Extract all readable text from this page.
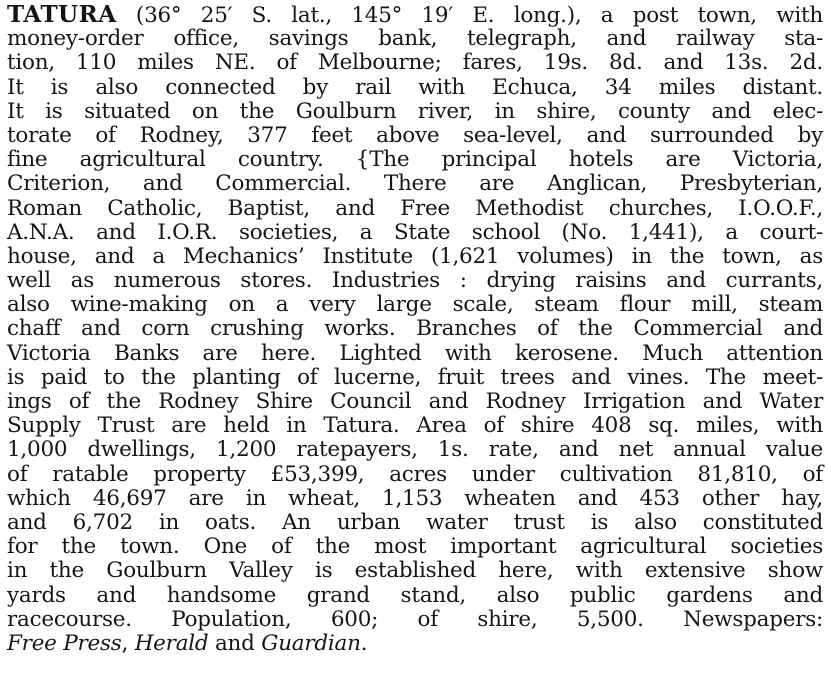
TATURA (36° 25′ S. lat., 145° 19′ E. long.), a post town, with
money-order office, savings bank, telegraph, and railway sta-
tion, 110 miles NE. of Melbourne; fares, 19s. 8d. and 13s. 2d.
It is also connected by rail with Echuca, 34 miles distant.
It is situated on the Goulburn river, in shire, county and elec-
torate of Rodney, 377 feet above sea-level, and surrounded by
fine agricultural country. {The principal hotels are Victoria,
Criterion, and Commercial. There are Anglican, Presbyterian,
Roman Catholic, Baptist, and Free Methodist churches, I.O.O.F.,
A.N.A. and I.O.R. societies, a State school (No. 1,441), a court-
house, and a Mechanics’ Institute (1,621 volumes) in the town, as
well as numerous stores. Industries : drying raisins and currants,
also wine-making on a very large scale, steam flour mill, steam
chaff and corn crushing works. Branches of the Commercial and
Victoria Banks are here. Lighted with kerosene. Much attention
is paid to the planting of lucerne, fruit trees and vines. The meet-
ings of the Rodney Shire Council and Rodney Irrigation and Water
Supply Trust are held in Tatura. Area of shire 408 sq. miles, with
1,000 dwellings, 1,200 ratepayers, 1s. rate, and net annual value
of ratable property £53,399, acres under cultivation 81,810, of
which 46,697 are in wheat, 1,153 wheaten and 453 other hay,
and 6,702 in oats. An urban water trust is also constituted
for the town. One of the most important agricultural societies
in the Goulburn Valley is established here, with extensive show
yards and handsome grand stand, also public gardens and
racecourse. Population, 600; of shire, 5,500. Newspapers:
Free Press, Herald and Guardian.
